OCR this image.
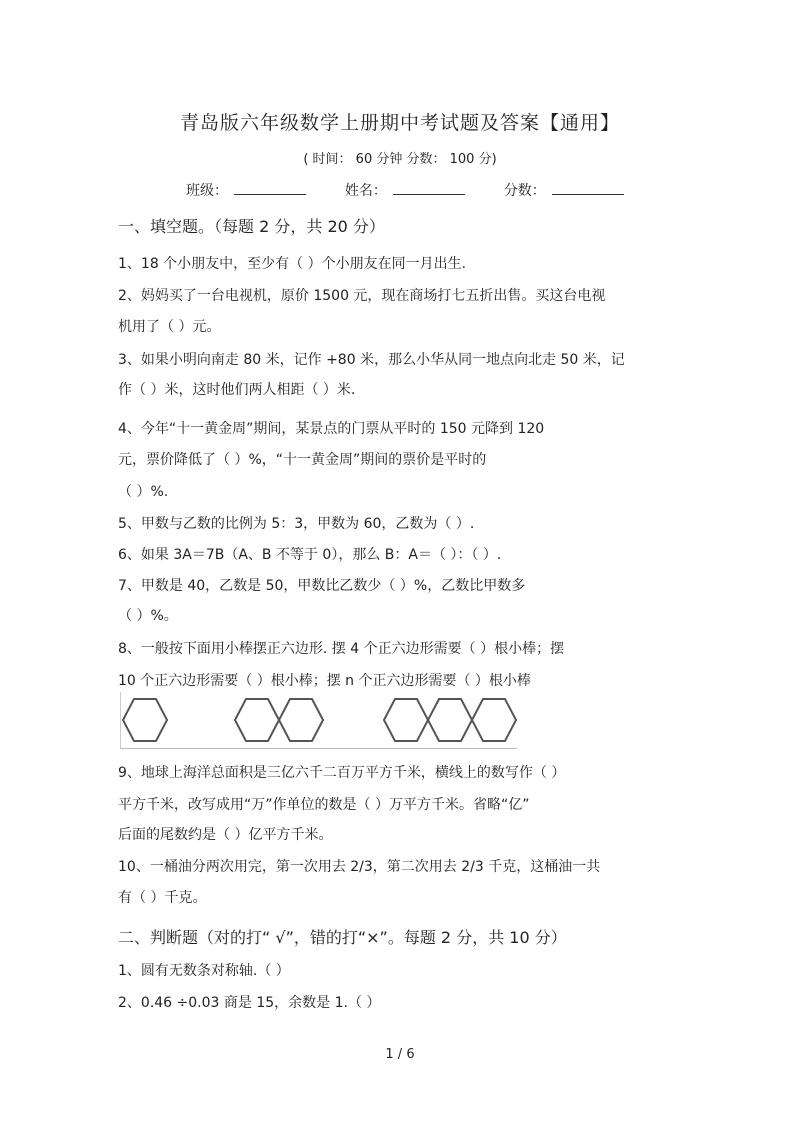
青岛版六年级数学上册期中考试题及答案【通用】
( 时间： 60 分钟 分数： 100 分)
班级：	姓名：	分数：
一、填空题。（每题 2 分，共 20 分）
1、18 个小朋友中，至少有（ ）个小朋友在同一月出生.
2、妈妈买了一台电视机，原价 1500 元，现在商场打七五折出售。买这台电视
机用了（ ）元。
3、如果小明向南走 80 米，记作 +80 米，那么小华从同一地点向北走 50 米，记
作（ ）米，这时他们两人相距（ ）米.
4、今年“十一黄金周”期间，某景点的门票从平时的 150 元降到 120
元，票价降低了（ ）%，“十一黄金周”期间的票价是平时的
（ ）%.
5、甲数与乙数的比例为 5：3，甲数为 60，乙数为（ ）.
6、如果 3A＝7B（A、B 不等于 0），那么 B：A＝（ ）：（ ）.
7、甲数是 40，乙数是 50，甲数比乙数少（ ）%，乙数比甲数多
（ ）%。
8、一般按下面用小棒摆正六边形. 摆 4 个正六边形需要（ ）根小棒；摆
10 个正六边形需要（ ）根小棒；摆 n 个正六边形需要（ ）根小棒
9、地球上海洋总面积是三亿六千二百万平方千米，横线上的数写作（ ）
平方千米，改写成用“万”作单位的数是（ ）万平方千米。省略“亿”
后面的尾数约是（ ）亿平方千米。
10、一桶油分两次用完，第一次用去 2/3，第二次用去 2/3 千克，这桶油一共
有（ ）千克。
二、判断题（对的打“ √”，错的打“×”。每题 2 分，共 10 分）
1、圆有无数条对称轴.（ ）
2、0.46 ÷0.03 商是 15，余数是 1.（ ）
1 / 6
